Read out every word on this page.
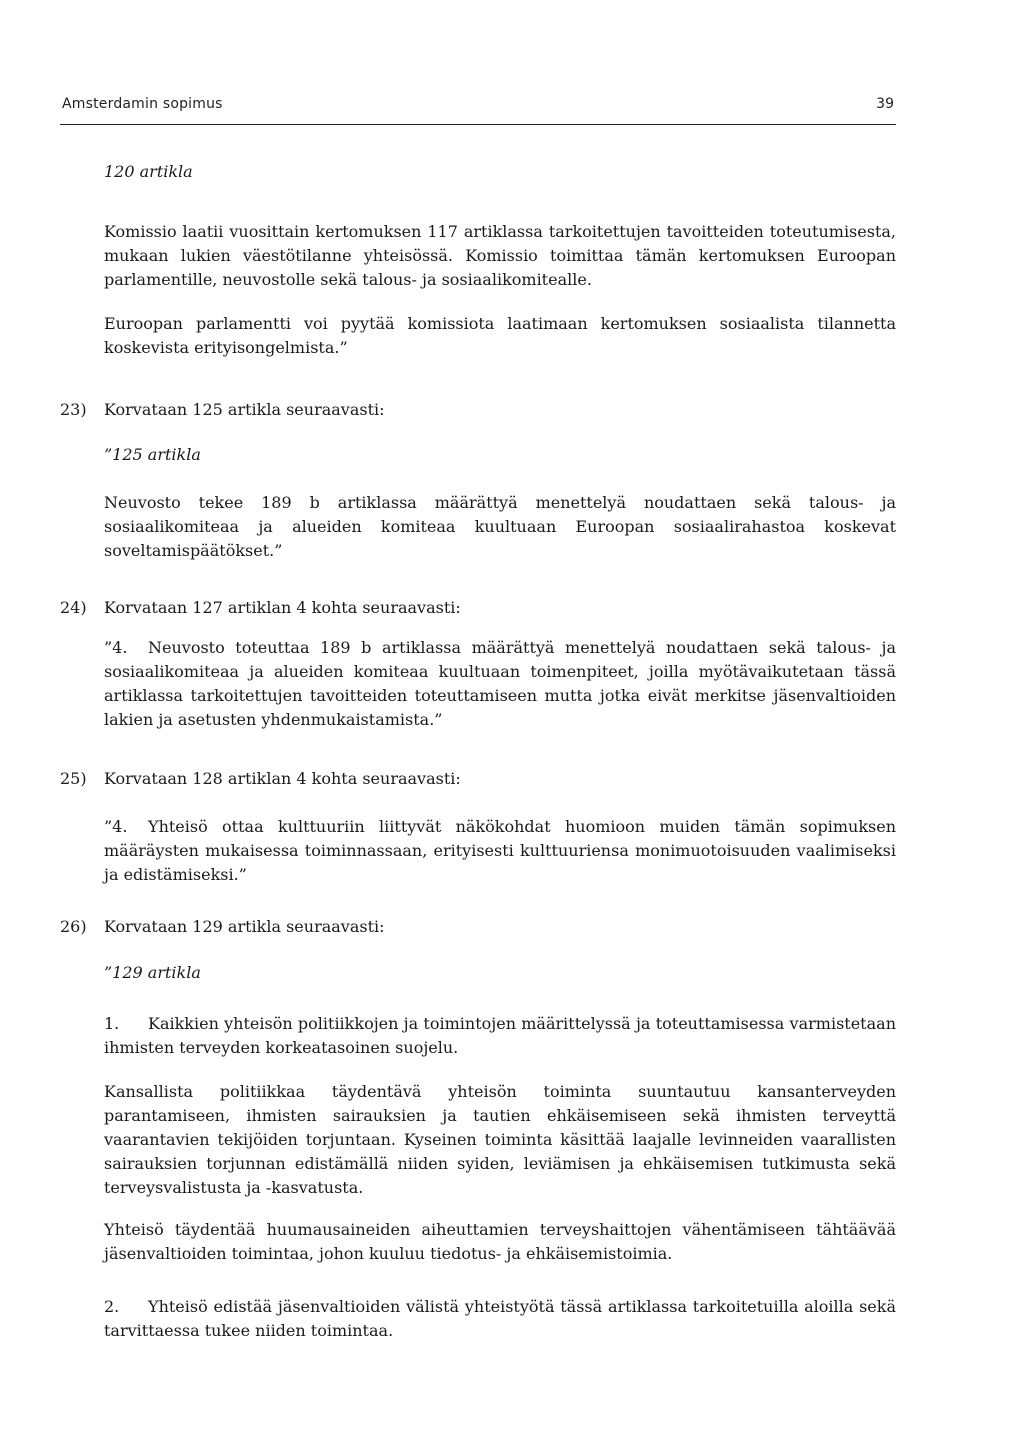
Amsterdamin sopimus	39

120 artikla

Komissio laatii vuosittain kertomuksen 117 artiklassa tarkoitettujen tavoitteiden toteutumisesta, mukaan lukien väestötilanne yhteisössä. Komissio toimittaa tämän kertomuksen Euroopan parlamentille, neuvostolle sekä talous- ja sosiaalikomitealle.

Euroopan parlamentti voi pyytää komissiota laatimaan kertomuksen sosiaalista tilannetta koskevista erityisongelmista.”

23) Korvataan 125 artikla seuraavasti:

”125 artikla

Neuvosto tekee 189 b artiklassa määrättyä menettelyä noudattaen sekä talous- ja sosiaalikomiteaa ja alueiden komiteaa kuultuaan Euroopan sosiaalirahastoa koskevat soveltamispäätökset.”

24) Korvataan 127 artiklan 4 kohta seuraavasti:

”4. Neuvosto toteuttaa 189 b artiklassa määrättyä menettelyä noudattaen sekä talous- ja sosiaalikomiteaa ja alueiden komiteaa kuultuaan toimenpiteet, joilla myötävaikutetaan tässä artiklassa tarkoitettujen tavoitteiden toteuttamiseen mutta jotka eivät merkitse jäsenvaltioiden lakien ja asetusten yhdenmukaistamista.”

25) Korvataan 128 artiklan 4 kohta seuraavasti:

”4. Yhteisö ottaa kulttuuriin liittyvät näkökohdat huomioon muiden tämän sopimuksen määräysten mukaisessa toiminnassaan, erityisesti kulttuuriensa monimuotoisuuden vaalimiseksi ja edistämiseksi.”

26) Korvataan 129 artikla seuraavasti:

”129 artikla

1. Kaikkien yhteisön politiikkojen ja toimintojen määrittelyssä ja toteuttamisessa varmistetaan ihmisten terveyden korkeatasoinen suojelu.

Kansallista politiikkaa täydentävä yhteisön toiminta suuntautuu kansanterveyden parantamiseen, ihmisten sairauksien ja tautien ehkäisemiseen sekä ihmisten terveyttä vaarantavien tekijöiden torjuntaan. Kyseinen toiminta käsittää laajalle levinneiden vaarallisten sairauksien torjunnan edistämällä niiden syiden, leviämisen ja ehkäisemisen tutkimusta sekä terveysvalistusta ja -kasvatusta.

Yhteisö täydentää huumausaineiden aiheuttamien terveyshaittojen vähentämiseen tähtäävää jäsenvaltioiden toimintaa, johon kuuluu tiedotus- ja ehkäisemistoimia.

2. Yhteisö edistää jäsenvaltioiden välistä yhteistyötä tässä artiklassa tarkoitetuilla aloilla sekä tarvittaessa tukee niiden toimintaa.
